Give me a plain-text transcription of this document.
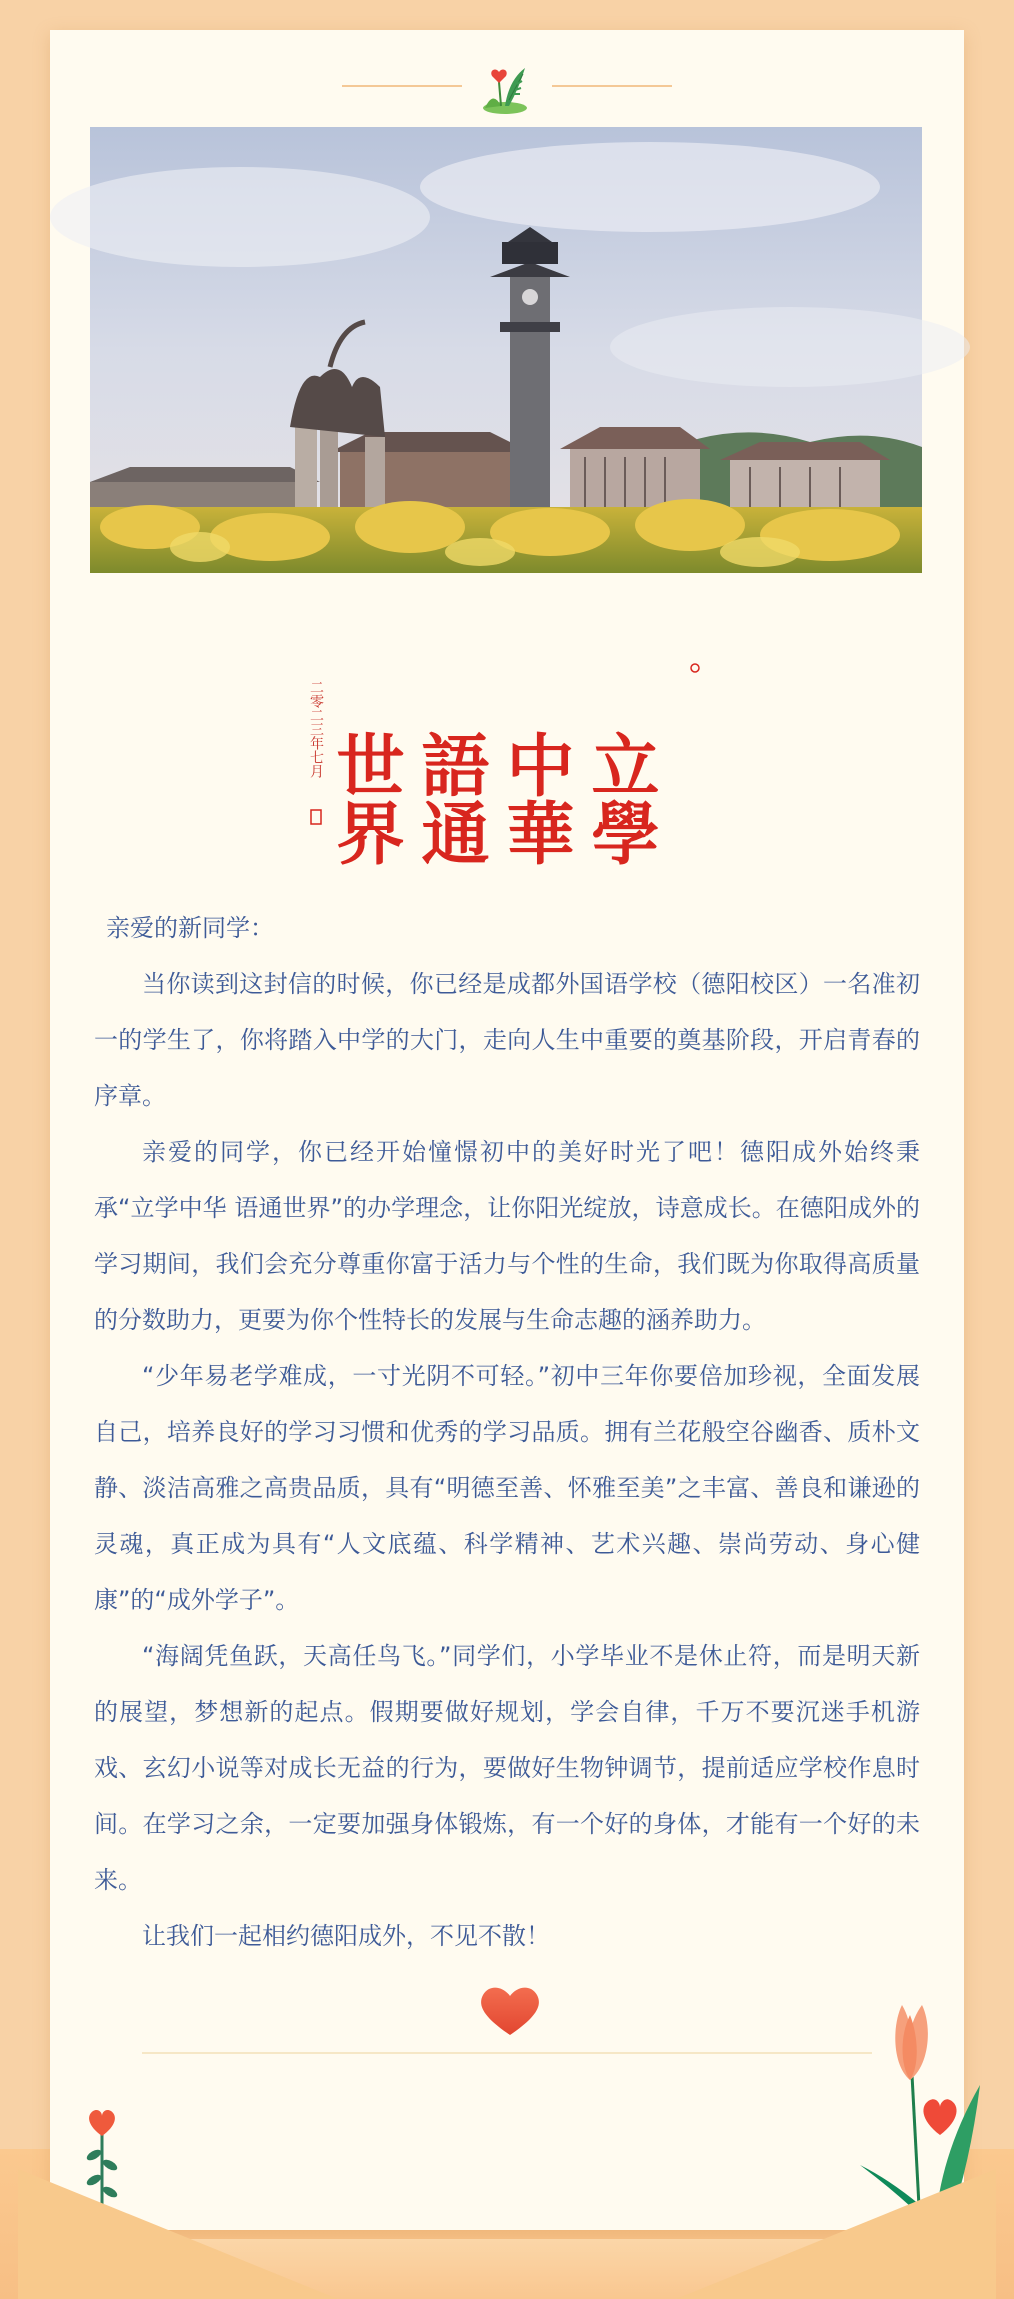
立學
中華
語通
世界
二零二三年七月

亲爱的新同学：

当你读到这封信的时候，你已经是成都外国语学校（德阳校区）一名准初一的学生了，你将踏入中学的大门，走向人生中重要的奠基阶段，开启青春的序章。

亲爱的同学，你已经开始憧憬初中的美好时光了吧！德阳成外始终秉承“立学中华 语通世界”的办学理念，让你阳光绽放，诗意成长。在德阳成外的学习期间，我们会充分尊重你富于活力与个性的生命，我们既为你取得高质量的分数助力，更要为你个性特长的发展与生命志趣的涵养助力。

“少年易老学难成，一寸光阴不可轻。”初中三年你要倍加珍视，全面发展自己，培养良好的学习习惯和优秀的学习品质。拥有兰花般空谷幽香、质朴文静、淡洁高雅之高贵品质，具有“明德至善、怀雅至美”之丰富、善良和谦逊的灵魂，真正成为具有“人文底蕴、科学精神、艺术兴趣、崇尚劳动、身心健康”的“成外学子”。

“海阔凭鱼跃，天高任鸟飞。”同学们，小学毕业不是休止符，而是明天新的展望，梦想新的起点。假期要做好规划，学会自律，千万不要沉迷手机游戏、玄幻小说等对成长无益的行为，要做好生物钟调节，提前适应学校作息时间。在学习之余，一定要加强身体锻炼，有一个好的身体，才能有一个好的未来。

让我们一起相约德阳成外，不见不散！
